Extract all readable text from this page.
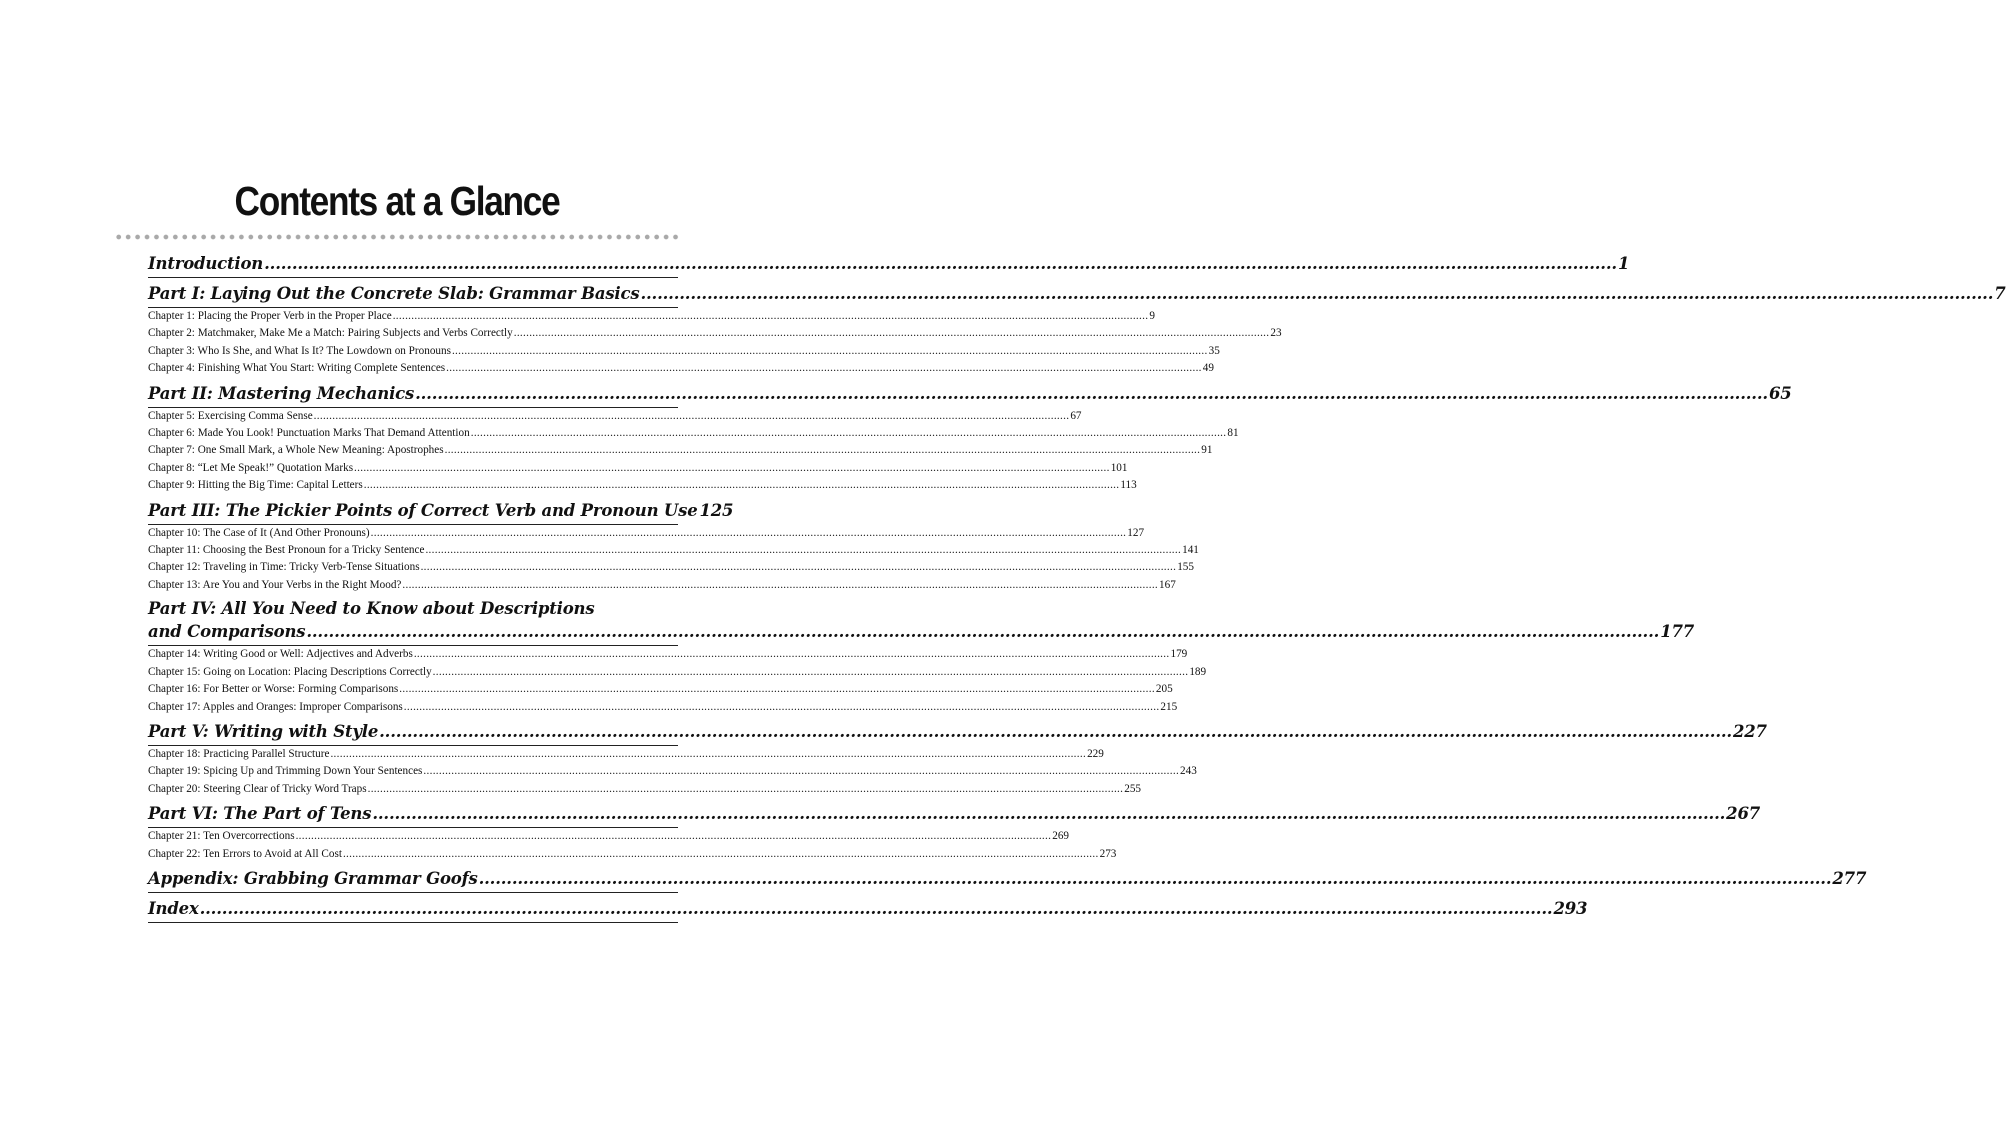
Contents at a Glance
Introduction .....	1
Part I: Laying Out the Concrete Slab: Grammar Basics .....	7
Chapter 1: Placing the Proper Verb in the Proper Place .....	9
Chapter 2: Matchmaker, Make Me a Match: Pairing Subjects and Verbs Correctly .....	23
Chapter 3: Who Is She, and What Is It? The Lowdown on Pronouns .....	35
Chapter 4: Finishing What You Start: Writing Complete Sentences .....	49
Part II: Mastering Mechanics .....	65
Chapter 5: Exercising Comma Sense .....	67
Chapter 6: Made You Look! Punctuation Marks That Demand Attention .....	81
Chapter 7: One Small Mark, a Whole New Meaning: Apostrophes .....	91
Chapter 8: “Let Me Speak!” Quotation Marks .....	101
Chapter 9: Hitting the Big Time: Capital Letters .....	113
Part III: The Pickier Points of Correct Verb and Pronoun Use 125
Chapter 10: The Case of It (And Other Pronouns) .....	127
Chapter 11: Choosing the Best Pronoun for a Tricky Sentence .....	141
Chapter 12: Traveling in Time: Tricky Verb-Tense Situations .....	155
Chapter 13: Are You and Your Verbs in the Right Mood? .....	167
Part IV: All You Need to Know about Descriptions
and Comparisons .....	177
Chapter 14: Writing Good or Well: Adjectives and Adverbs .....	179
Chapter 15: Going on Location: Placing Descriptions Correctly .....	189
Chapter 16: For Better or Worse: Forming Comparisons .....	205
Chapter 17: Apples and Oranges: Improper Comparisons .....	215
Part V: Writing with Style .....	227
Chapter 18: Practicing Parallel Structure .....	229
Chapter 19: Spicing Up and Trimming Down Your Sentences .....	243
Chapter 20: Steering Clear of Tricky Word Traps .....	255
Part VI: The Part of Tens .....	267
Chapter 21: Ten Overcorrections .....	269
Chapter 22: Ten Errors to Avoid at All Cost .....	273
Appendix: Grabbing Grammar Goofs .....	277
Index .....	293
